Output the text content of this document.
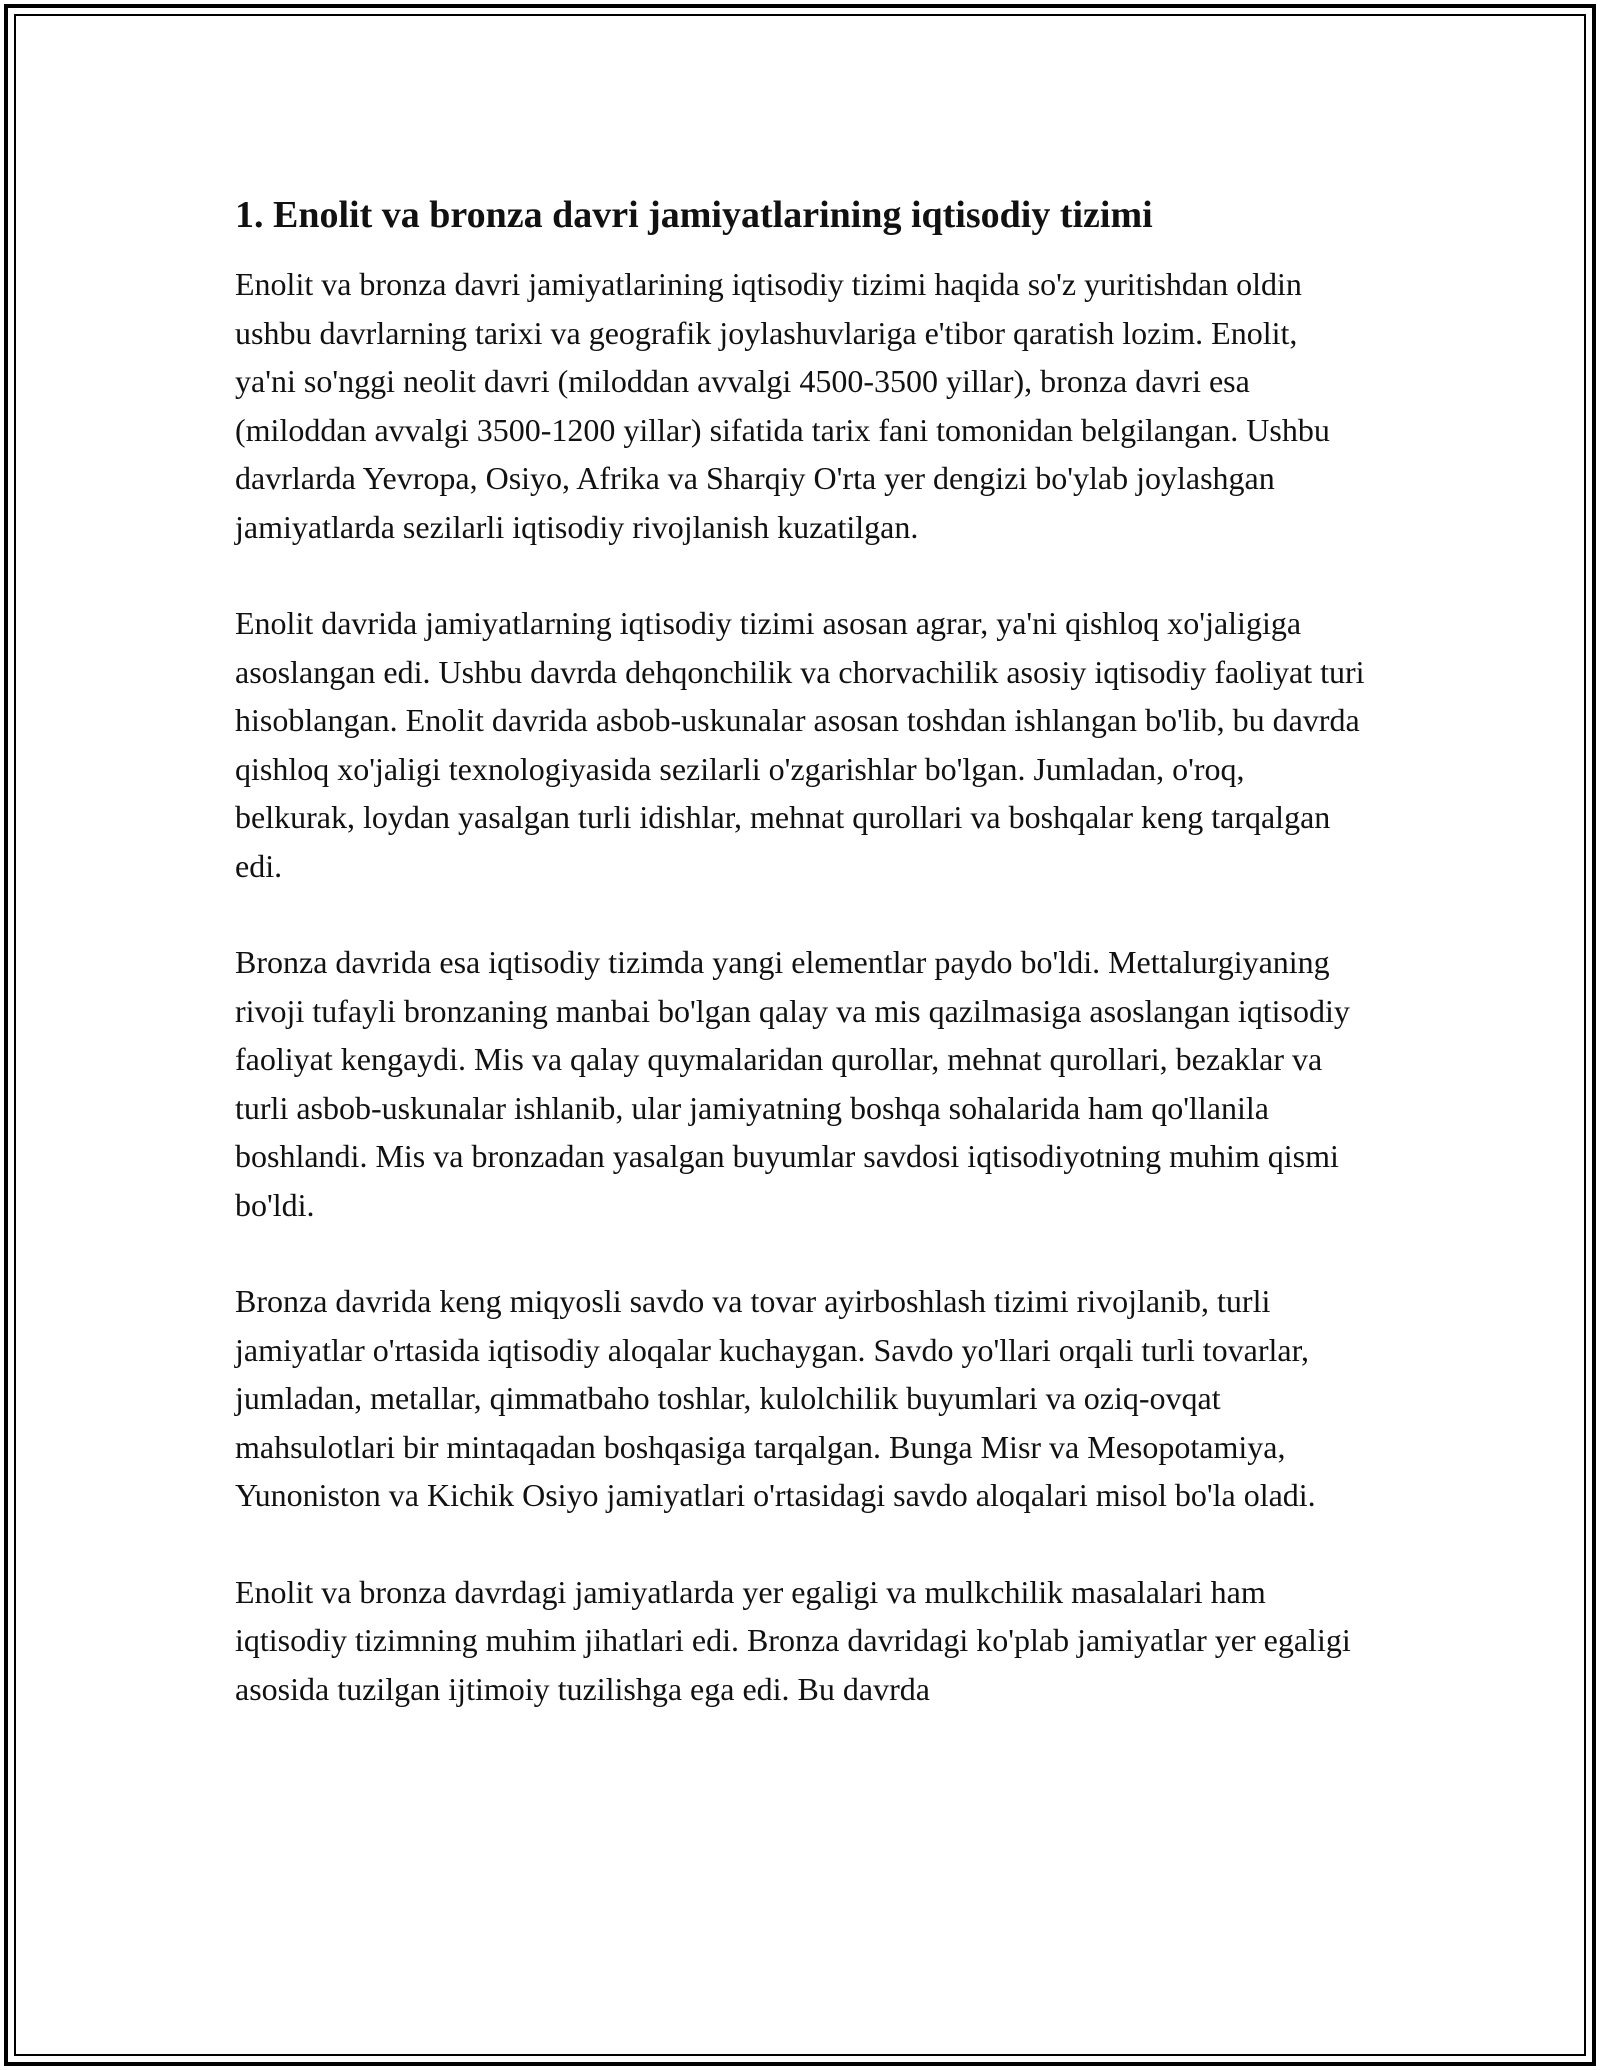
1. Enolit va bronza davri jamiyatlarining iqtisodiy tizimi

Enolit va bronza davri jamiyatlarining iqtisodiy tizimi haqida so'z yuritishdan oldin ushbu davrlarning tarixi va geografik joylashuvlariga e'tibor qaratish lozim. Enolit, ya'ni so'nggi neolit davri (miloddan avvalgi 4500-3500 yillar), bronza davri esa (miloddan avvalgi 3500-1200 yillar) sifatida tarix fani tomonidan belgilangan. Ushbu davrlarda Yevropa, Osiyo, Afrika va Sharqiy O'rta yer dengizi bo'ylab joylashgan jamiyatlarda sezilarli iqtisodiy rivojlanish kuzatilgan.

Enolit davrida jamiyatlarning iqtisodiy tizimi asosan agrar, ya'ni qishloq xo'jaligiga asoslangan edi. Ushbu davrda dehqonchilik va chorvachilik asosiy iqtisodiy faoliyat turi hisoblangan. Enolit davrida asbob-uskunalar asosan toshdan ishlangan bo'lib, bu davrda qishloq xo'jaligi texnologiyasida sezilarli o'zgarishlar bo'lgan. Jumladan, o'roq, belkurak, loydan yasalgan turli idishlar, mehnat qurollari va boshqalar keng tarqalgan edi.

Bronza davrida esa iqtisodiy tizimda yangi elementlar paydo bo'ldi. Mettalurgiyaning rivoji tufayli bronzaning manbai bo'lgan qalay va mis qazilmasiga asoslangan iqtisodiy faoliyat kengaydi. Mis va qalay quymalaridan qurollar, mehnat qurollari, bezaklar va turli asbob-uskunalar ishlanib, ular jamiyatning boshqa sohalarida ham qo'llanila boshlandi. Mis va bronzadan yasalgan buyumlar savdosi iqtisodiyotning muhim qismi bo'ldi.

Bronza davrida keng miqyosli savdo va tovar ayirboshlash tizimi rivojlanib, turli jamiyatlar o'rtasida iqtisodiy aloqalar kuchaygan. Savdo yo'llari orqali turli tovarlar, jumladan, metallar, qimmatbaho toshlar, kulolchilik buyumlari va oziq-ovqat mahsulotlari bir mintaqadan boshqasiga tarqalgan. Bunga Misr va Mesopotamiya, Yunoniston va Kichik Osiyo jamiyatlari o'rtasidagi savdo aloqalari misol bo'la oladi.

Enolit va bronza davrdagi jamiyatlarda yer egaligi va mulkchilik masalalari ham iqtisodiy tizimning muhim jihatlari edi. Bronza davridagi ko'plab jamiyatlar yer egaligi asosida tuzilgan ijtimoiy tuzilishga ega edi. Bu davrda
